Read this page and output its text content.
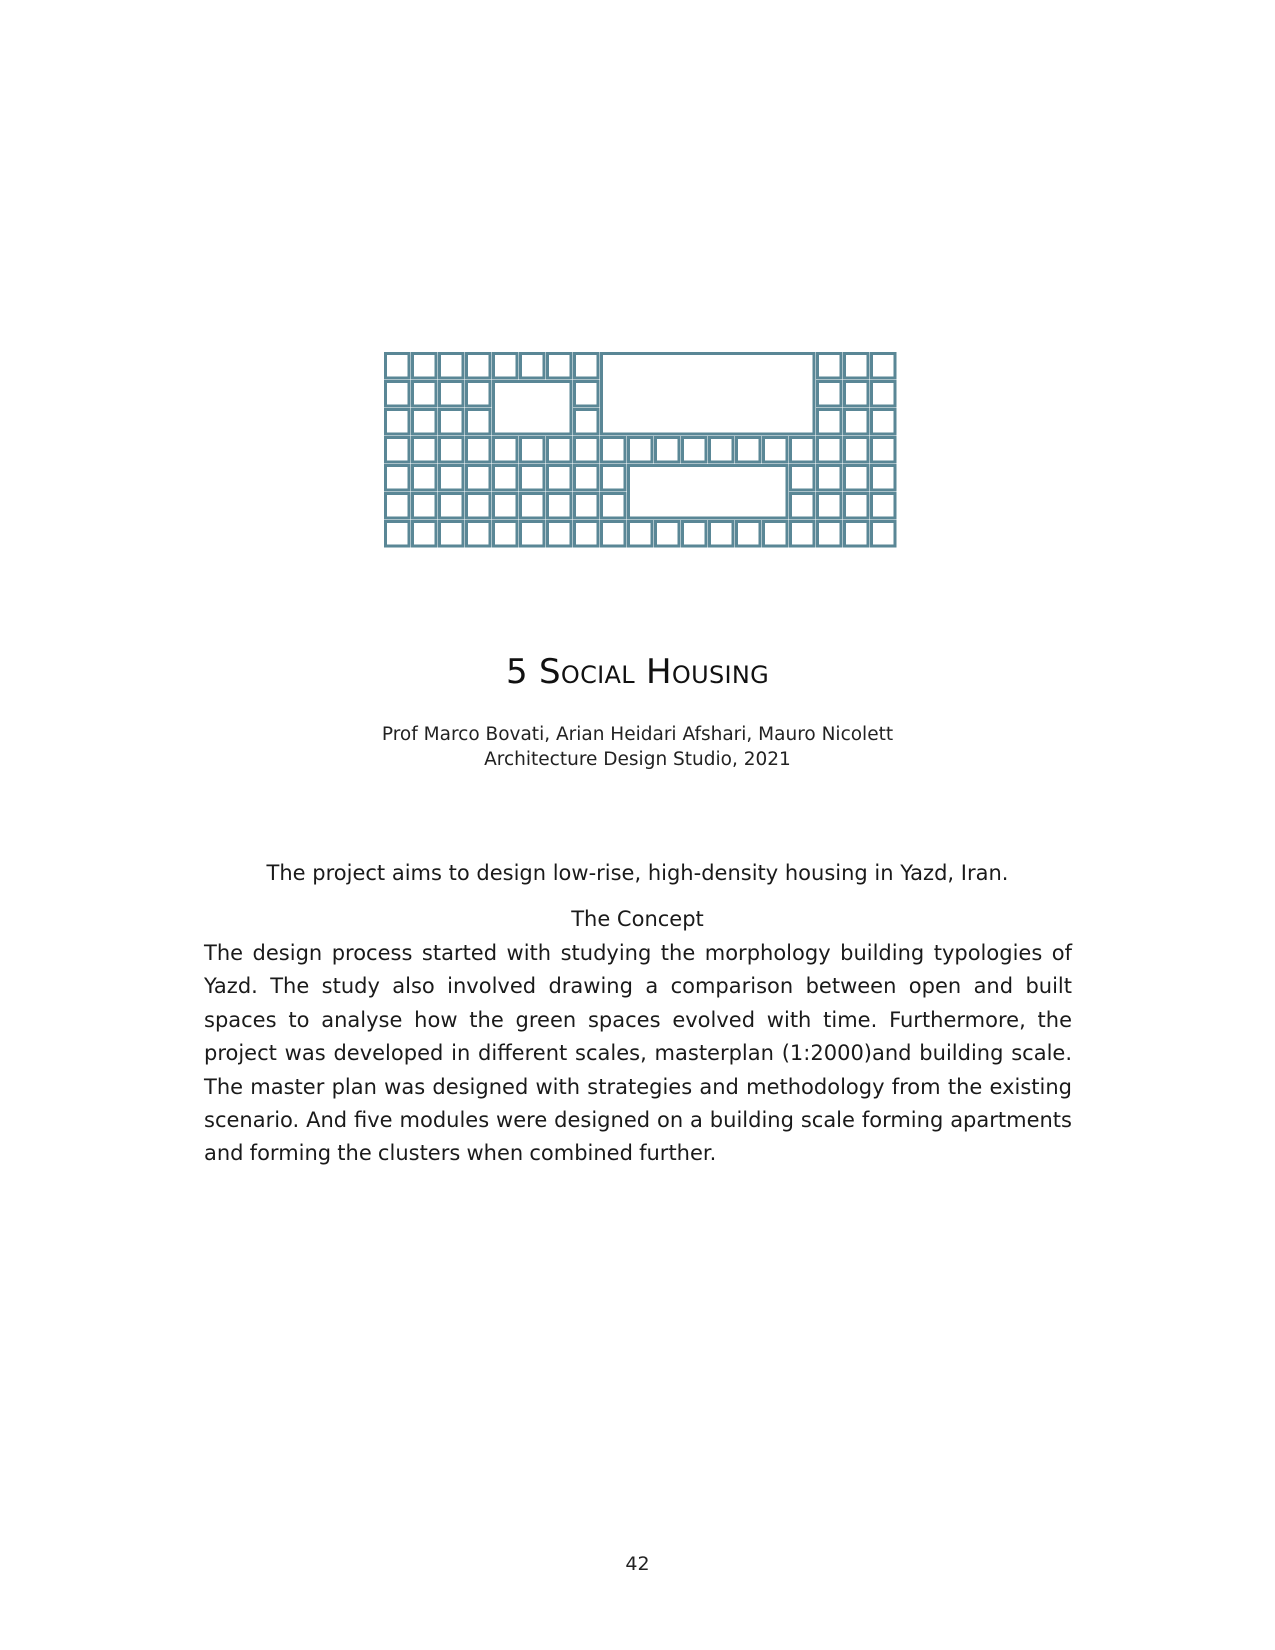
5 Social Housing
Prof Marco Bovati, Arian Heidari Afshari, Mauro Nicolett
Architecture Design Studio, 2021
The project aims to design low-rise, high-density housing in Yazd, Iran.
The Concept
The design process started with studying the morphology building typologies of Yazd. The study also involved drawing a comparison between open and built spaces to analyse how the green spaces evolved with time. Furthermore, the project was developed in different scales, masterplan (1:2000)and building scale. The master plan was designed with strategies and methodology from the existing scenario. And five modules were designed on a building scale forming apartments and forming the clusters when combined further.
42
